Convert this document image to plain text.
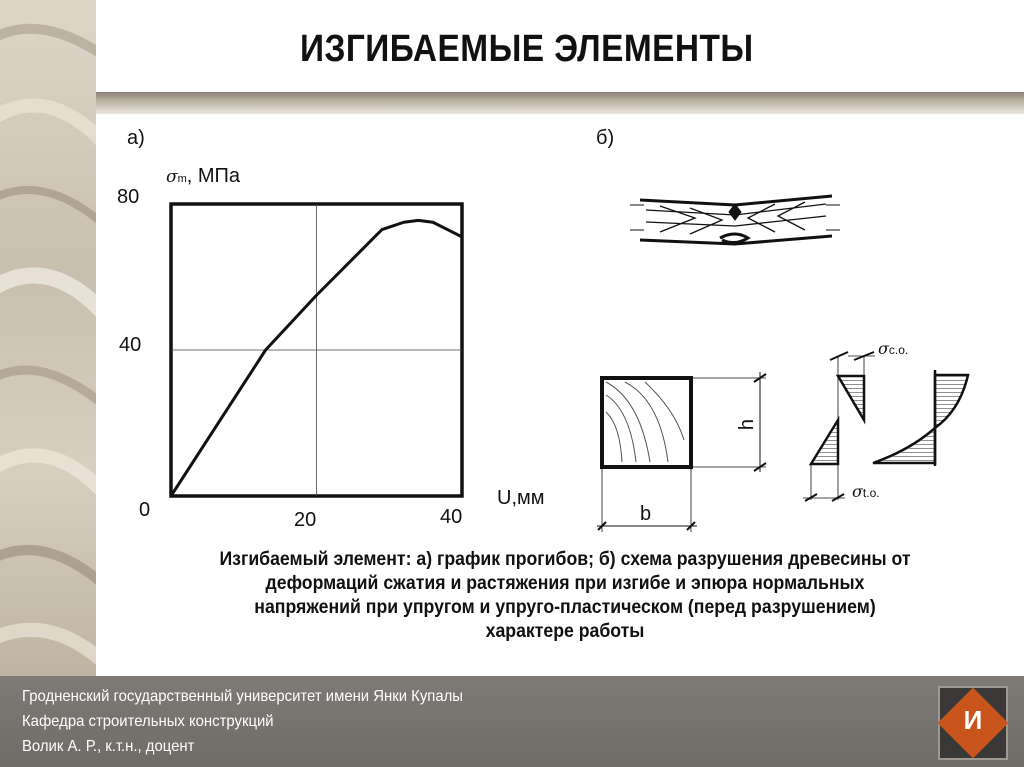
ИЗГИБАЕМЫЕ ЭЛЕМЕНТЫ
а)	б)
σm, МПа
80
40
0	20	40
U,мм
h
b
σc.o.
σt.o.
Изгибаемый элемент: а) график прогибов; б) схема разрушения древесины от
деформаций сжатия и растяжения при изгибе и эпюра нормальных
напряжений при упругом и упруго-пластическом (перед разрушением)
характере работы
Гродненский государственный университет имени Янки Купалы
Кафедра строительных конструкций
Волик А. Р., к.т.н., доцент
И
